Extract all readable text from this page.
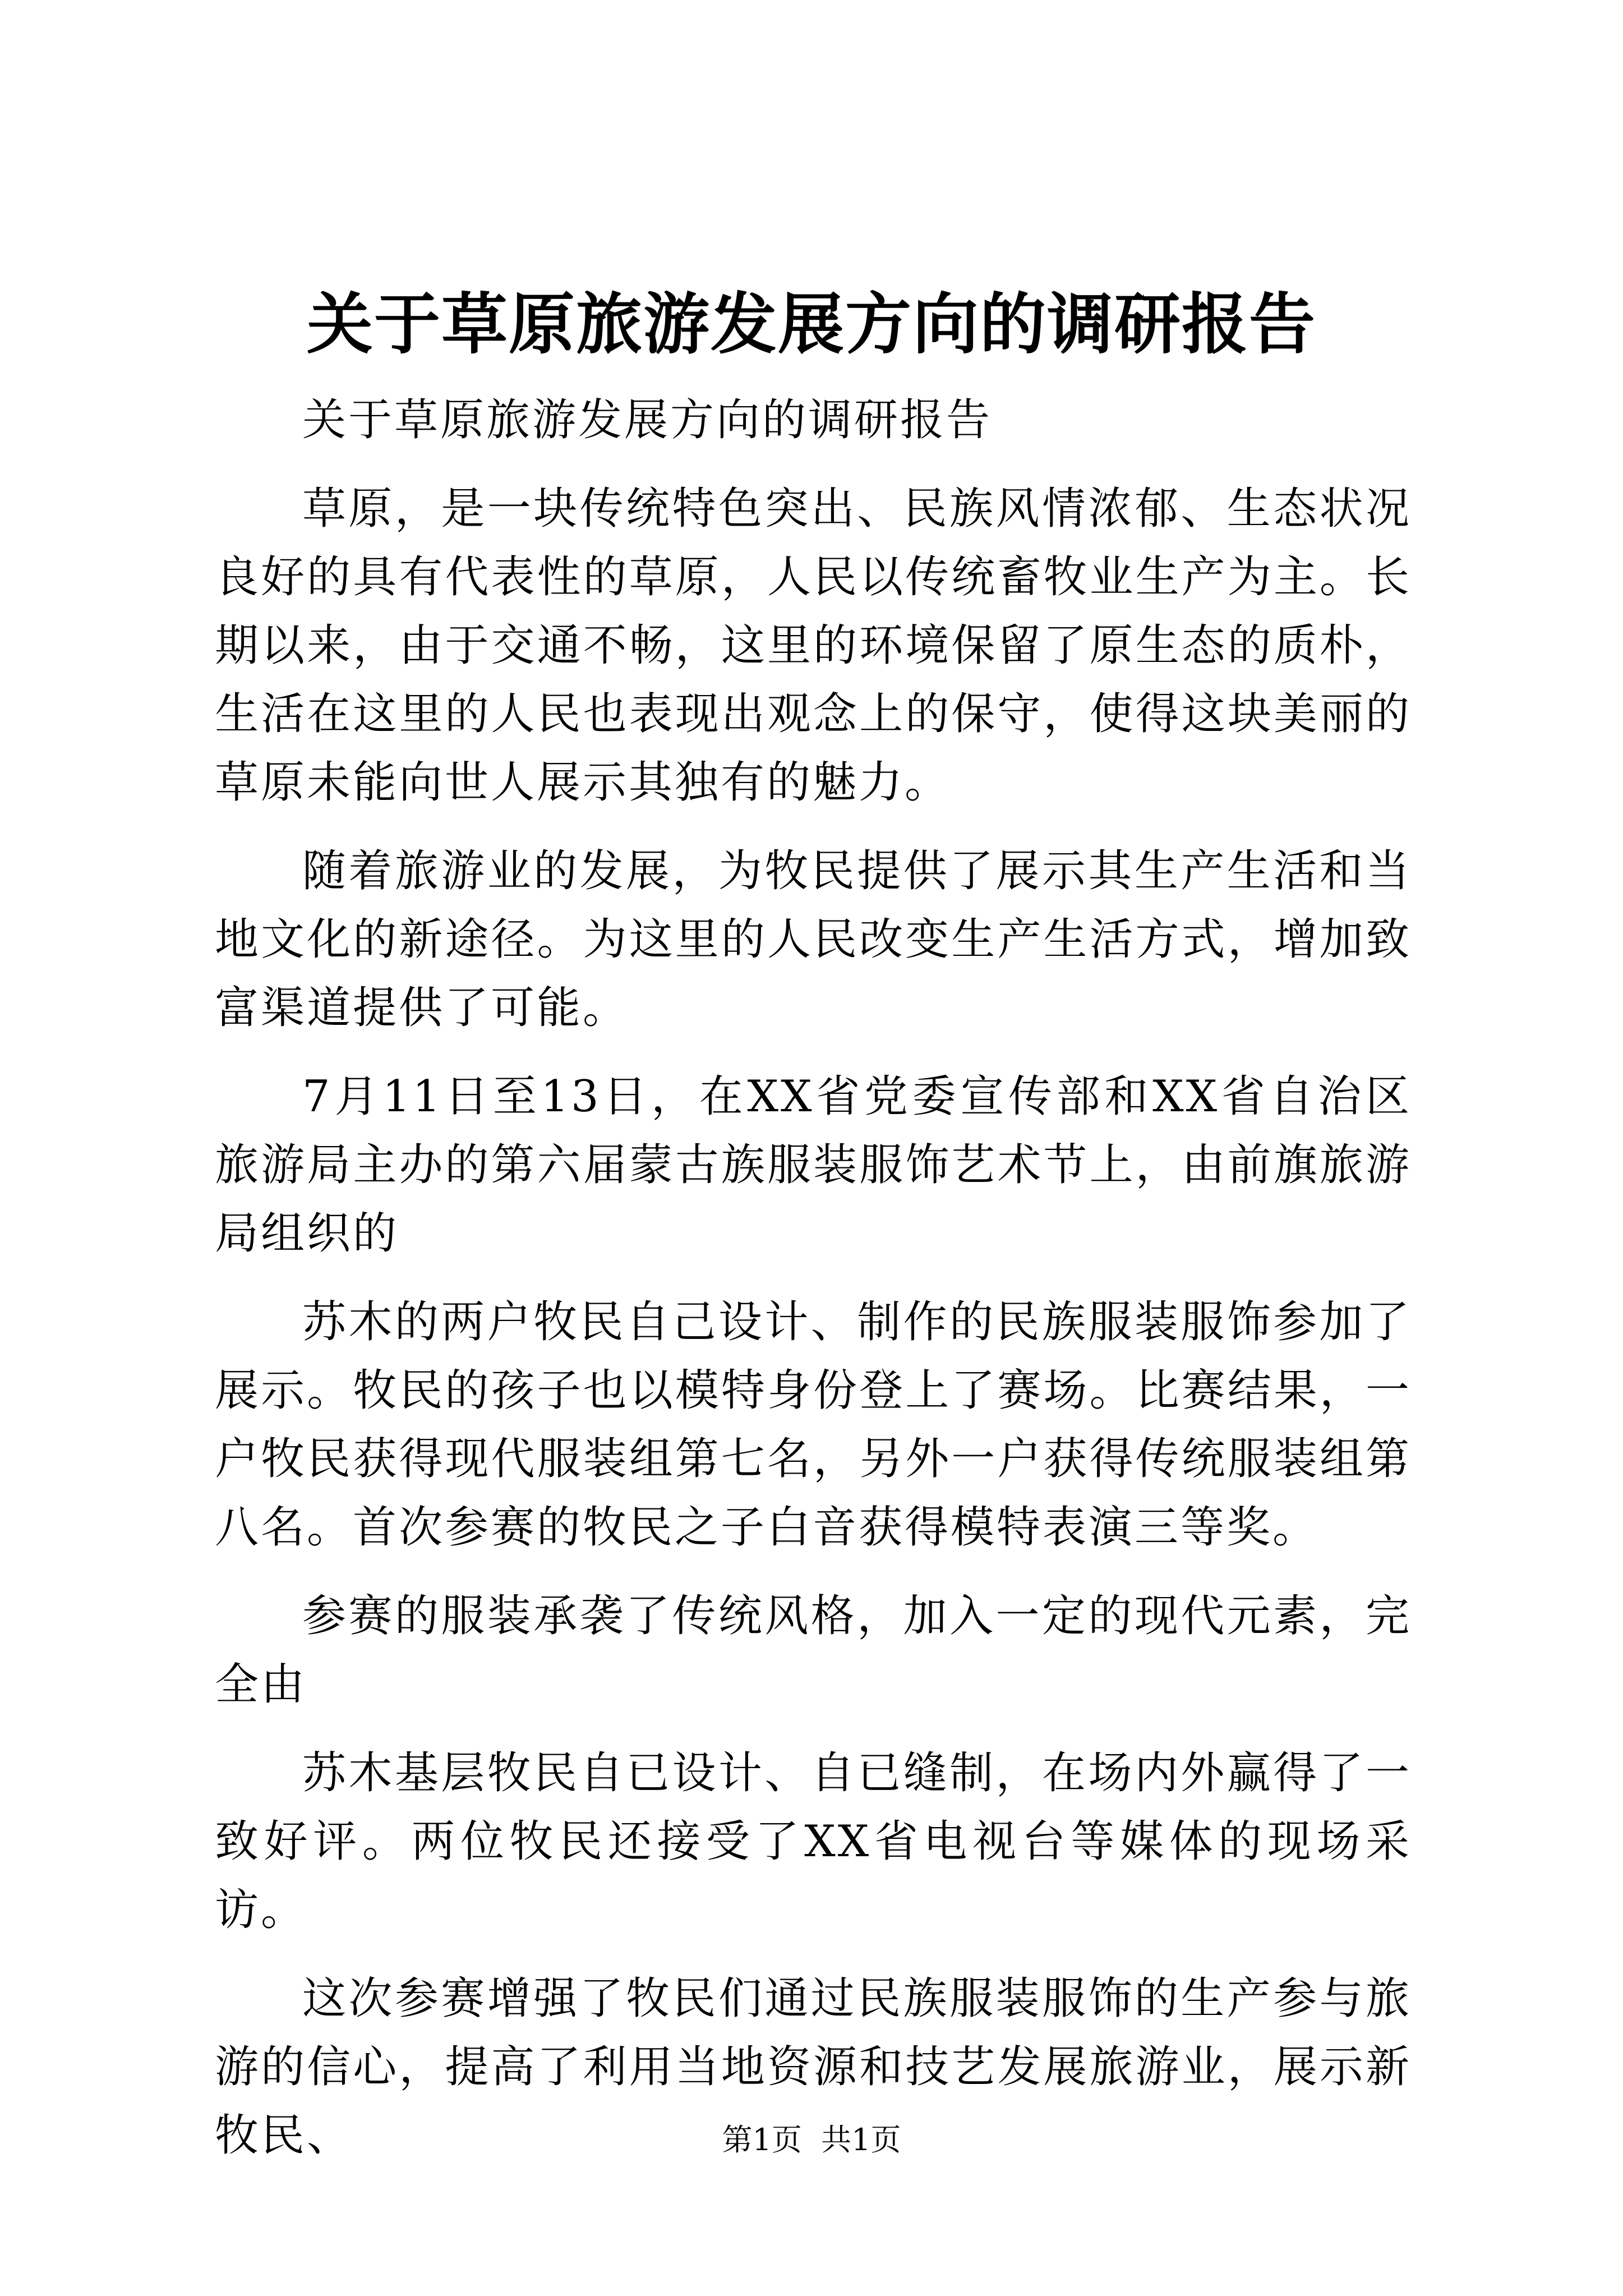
关于草原旅游发展方向的调研报告

关于草原旅游发展方向的调研报告

草原，是一块传统特色突出、民族风情浓郁、生态状况良好的具有代表性的草原，人民以传统畜牧业生产为主。长期以来，由于交通不畅，这里的环境保留了原生态的质朴，生活在这里的人民也表现出观念上的保守，使得这块美丽的草原未能向世人展示其独有的魅力。

随着旅游业的发展，为牧民提供了展示其生产生活和当地文化的新途径。为这里的人民改变生产生活方式，增加致富渠道提供了可能。

7月11日至13日，在XX省党委宣传部和XX省自治区旅游局主办的第六届蒙古族服装服饰艺术节上，由前旗旅游局组织的

苏木的两户牧民自己设计、制作的民族服装服饰参加了展示。牧民的孩子也以模特身份登上了赛场。比赛结果，一户牧民获得现代服装组第七名，另外一户获得传统服装组第八名。首次参赛的牧民之子白音获得模特表演三等奖。

参赛的服装承袭了传统风格，加入一定的现代元素，完全由

苏木基层牧民自已设计、自已缝制，在场内外赢得了一致好评。两位牧民还接受了XX省电视台等媒体的现场采访。

这次参赛增强了牧民们通过民族服装服饰的生产参与旅游的信心，提高了利用当地资源和技艺发展旅游业，展示新牧民、	第1页  共1页
